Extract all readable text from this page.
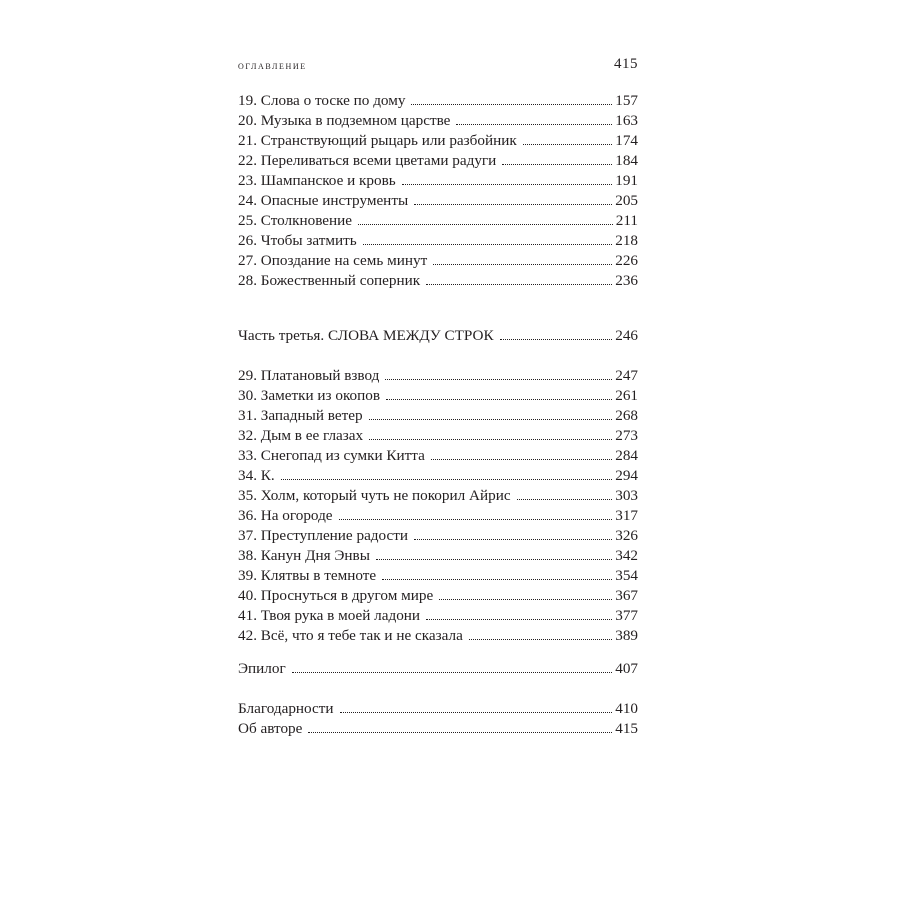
оглавление	415
19. Слова о тоске по дому	157
20. Музыка в подземном царстве	163
21. Странствующий рыцарь или разбойник	174
22. Переливаться всеми цветами радуги	184
23. Шампанское и кровь	191
24. Опасные инструменты	205
25. Столкновение	211
26. Чтобы затмить	218
27. Опоздание на семь минут	226
28. Божественный соперник	236
Часть третья. СЛОВА МЕЖДУ СТРОК	246
29. Платановый взвод	247
30. Заметки из окопов	261
31. Западный ветер	268
32. Дым в ее глазах	273
33. Снегопад из сумки Китта	284
34. К.	294
35. Холм, который чуть не покорил Айрис	303
36. На огороде	317
37. Преступление радости	326
38. Канун Дня Энвы	342
39. Клятвы в темноте	354
40. Проснуться в другом мире	367
41. Твоя рука в моей ладони	377
42. Всё, что я тебе так и не сказала	389
Эпилог	407
Благодарности	410
Об авторе	415
